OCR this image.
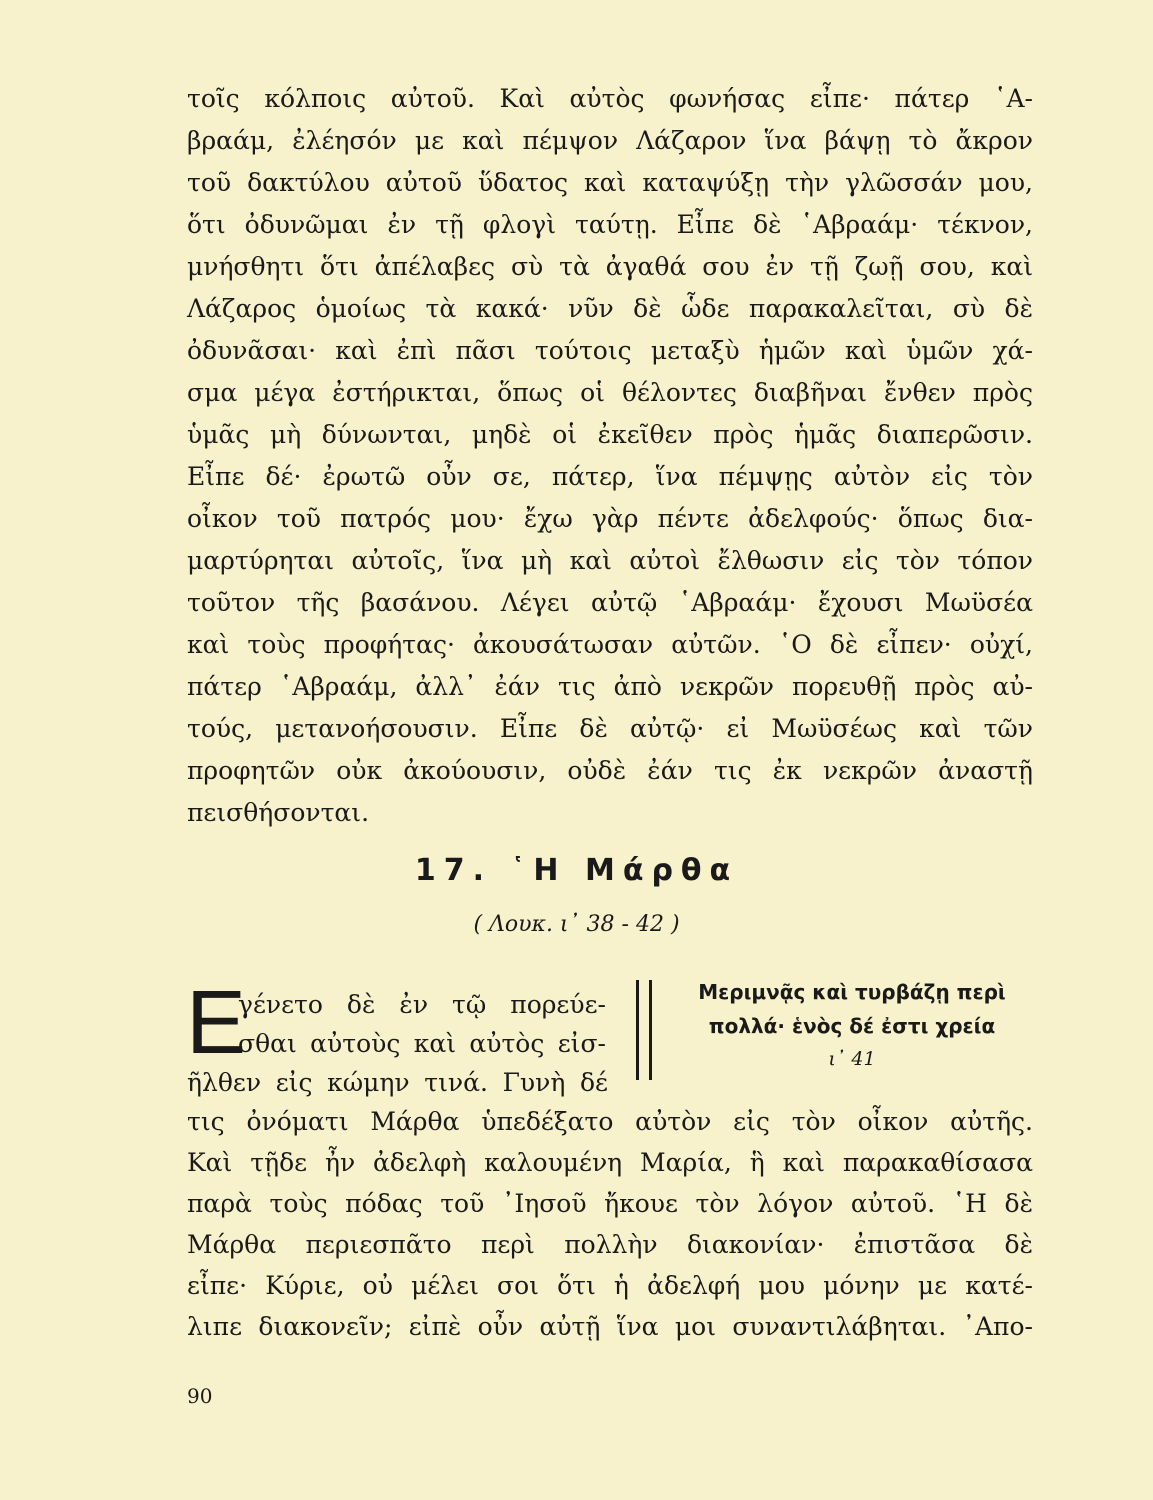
τοῖς κόλποις αὐτοῦ. Καὶ αὐτὸς φωνήσας εἶπε· πάτερ ῾Α-
βραάμ, ἐλέησόν με καὶ πέμψον Λάζαρον ἵνα βάψῃ τὸ ἄκρον
τοῦ δακτύλου αὐτοῦ ὕδατος καὶ καταψύξῃ τὴν γλῶσσάν μου,
ὅτι ὀδυνῶμαι ἐν τῇ φλογὶ ταύτῃ. Εἶπε δὲ ῾Αβραάμ· τέκνον,
μνήσθητι ὅτι ἀπέλαβες σὺ τὰ ἀγαθά σου ἐν τῇ ζωῇ σου, καὶ
Λάζαρος ὁμοίως τὰ κακά· νῦν δὲ ὧδε παρακαλεῖται, σὺ δὲ
ὀδυνᾶσαι· καὶ ἐπὶ πᾶσι τούτοις μεταξὺ ἡμῶν καὶ ὑμῶν χά-
σμα μέγα ἐστήρικται, ὅπως οἱ θέλοντες διαβῆναι ἔνθεν πρὸς
ὑμᾶς μὴ δύνωνται, μηδὲ οἱ ἐκεῖθεν πρὸς ἡμᾶς διαπερῶσιν.
Εἶπε δέ· ἐρωτῶ οὖν σε, πάτερ, ἵνα πέμψῃς αὐτὸν εἰς τὸν
οἶκον τοῦ πατρός μου· ἔχω γὰρ πέντε ἀδελφούς· ὅπως δια-
μαρτύρηται αὐτοῖς, ἵνα μὴ καὶ αὐτοὶ ἔλθωσιν εἰς τὸν τόπον
τοῦτον τῆς βασάνου. Λέγει αὐτῷ ῾Αβραάμ· ἔχουσι Μωϋσέα
καὶ τοὺς προφήτας· ἀκουσάτωσαν αὐτῶν. ῾Ο δὲ εἶπεν· οὐχί,
πάτερ ῾Αβραάμ, ἀλλ᾽ ἐάν τις ἀπὸ νεκρῶν πορευθῇ πρὸς αὐ-
τούς, μετανοήσουσιν. Εἶπε δὲ αὐτῷ· εἰ Μωϋσέως καὶ τῶν
προφητῶν οὐκ ἀκούουσιν, οὐδὲ ἐάν τις ἐκ νεκρῶν ἀναστῇ
πεισθήσονται.
17. ῾Η Μάρθα
( Λουκ. ι᾽ 38 - 42 )
Ε
γένετο δὲ ἐν τῷ πορεύε-
σθαι αὐτοὺς καὶ αὐτὸς εἰσ-
ῆλθεν εἰς κώμην τινά. Γυνὴ δέ
Μεριμνᾷς καὶ τυρβάζῃ περὶ
πολλά· ἑνὸς δέ ἐστι χρεία
ι᾽ 41
τις ὀνόματι Μάρθα ὑπεδέξατο αὐτὸν εἰς τὸν οἶκον αὐτῆς.
Καὶ τῇδε ἦν ἀδελφὴ καλουμένη Μαρία, ἣ καὶ παρακαθίσασα
παρὰ τοὺς πόδας τοῦ ᾽Ιησοῦ ἤκουε τὸν λόγον αὐτοῦ. ῾Η δὲ
Μάρθα περιεσπᾶτο περὶ πολλὴν διακονίαν· ἐπιστᾶσα δὲ
εἶπε· Κύριε, οὐ μέλει σοι ὅτι ἡ ἀδελφή μου μόνην με κατέ-
λιπε διακονεῖν; εἰπὲ οὖν αὐτῇ ἵνα μοι συναντιλάβηται. ᾽Απο-
90
